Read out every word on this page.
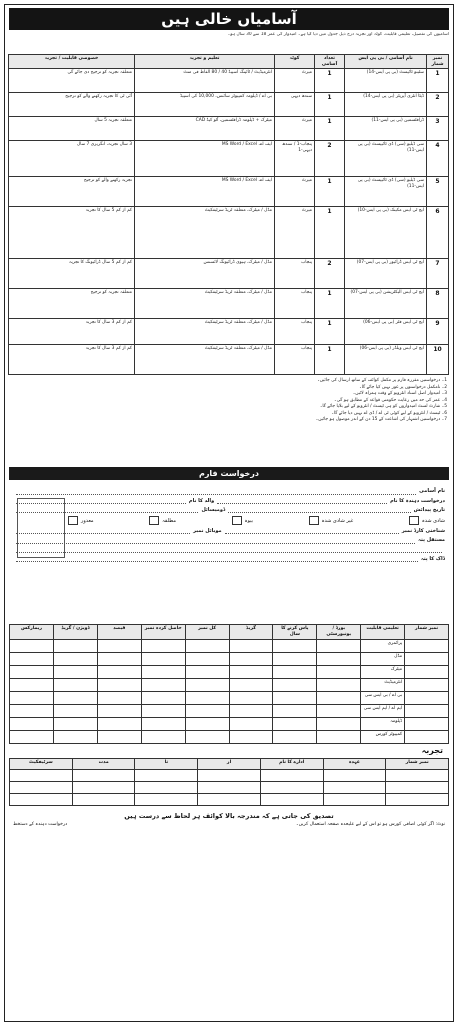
آسامیاں خالی ہیں
آسامیوں کی تفصیل، تعلیمی قابلیت، کوٹہ اور تجربہ درج ذیل جدول میں دیا گیا ہے۔ امیدوار کی عمر 18 سے 30 سال ہو۔
نمبر شمار	نام آسامی / بی پی ایس	تعداد آسامی	کوٹہ	تعلیم و تجربہ	خصوصی قابلیت / تجربہ
1	سٹینو ٹائپسٹ (بی پی ایس-14)	1	میرٹ	انٹرمیڈیٹ / ٹائپنگ اسپیڈ 40 / 80 الفاظ فی منٹ	متعلقہ تجربہ کو ترجیح دی جائے گی
2	ڈیٹا انٹری آپریٹر (بی پی ایس-14)	1	سندھ دیہی	بی اے / ڈپلومہ کمپیوٹر سائنس، 10,000 کی اسپیڈ	آئی ٹی کا تجربہ رکھنے والے کو ترجیح
3	ڈرافٹسمین (بی پی ایس-11)	1	میرٹ	میٹرک + ڈپلومہ ڈرافٹسمین، آٹو کیڈ CAD	متعلقہ تجربہ 5 سال
4	سی ڈیلیو (سی) ڈی ٹائیپسٹ (بی پی ایس-11)	2	پنجاب-1 / سندھ دیہی-1	ایف اے، MS Word / Excel	3 سال تجربہ، انگریزی 7 سال
5	سی ڈیلیو (سی) ڈی ٹائیپسٹ (بی پی ایس-11)	1	میرٹ	ایف اے، MS Word / Excel	تجربہ رکھنے والے کو ترجیح
6	ایچ ٹی ایس مکینک (بی پی ایس-10)	1	میرٹ	مڈل / میٹرک، متعلقہ ٹریڈ سرٹیفکیٹ	کم از کم 5 سال کا تجربہ
7	ایچ ٹی ایس ڈرائیور (بی پی ایس-07)	2	پنجاب	مڈل / میٹرک، ہیوی ڈرائیونگ لائسنس	کم از کم 5 سال ڈرائیونگ کا تجربہ
8	ایچ ٹی ایس الیکٹریشن (بی پی ایس-07)	1	پنجاب	مڈل / میٹرک، متعلقہ ٹریڈ سرٹیفکیٹ	متعلقہ تجربہ کو ترجیح
9	ایچ ٹی ایس فٹر (بی پی ایس-06)	1	پنجاب	مڈل / میٹرک، متعلقہ ٹریڈ سرٹیفکیٹ	کم از کم 3 سال کا تجربہ
10	ایچ ٹی ایس ویلڈر (بی پی ایس-06)	1	پنجاب	مڈل / میٹرک، متعلقہ ٹریڈ سرٹیفکیٹ	کم از کم 3 سال کا تجربہ
1۔ درخواستیں مقررہ فارم پر مکمل کوائف کے ساتھ ارسال کی جائیں۔
2۔ نامکمل درخواستوں پر غور نہیں کیا جائے گا۔
3۔ امیدوار اصل اسناد انٹرویو کے وقت ہمراہ لائیں۔
4۔ عمر کی حد میں رعایت حکومتی قواعد کے مطابق ہو گی۔
5۔ شارٹ لسٹ امیدواروں کو ہی ٹیسٹ / انٹرویو کے لیے بلایا جائے گا۔
6۔ ٹیسٹ / انٹرویو کے لیے کوئی ٹی اے / ڈی اے نہیں دیا جائے گا۔
7۔ درخواستیں اشتہار کی اشاعت کے 15 دن کے اندر موصول ہو جائیں۔
درخواست فارم
نام آسامی
درخواست دہندہ کا نام
والد کا نام
تاریخ پیدائش
ڈومیسائل
شادی شدہ
غیر شادی شدہ
بیوہ
مطلقہ
معذور
شناختی کارڈ نمبر
موبائل نمبر
مستقل پتہ
ڈاک کا پتہ
نمبر شمار	تعلیمی قابلیت	بورڈ / یونیورسٹی	پاس کرنے کا سال	گریڈ	کل نمبر	حاصل کردہ نمبر	فیصد	ڈویژن / گریڈ	ریمارکس
	پرائمری								
	مڈل								
	میٹرک								
	انٹرمیڈیٹ								
	بی اے / بی ایس سی								
	ایم اے / ایم ایس سی								
	ڈپلومہ								
	کمپیوٹر کورس								
تجربہ
نمبر شمار	عہدہ	ادارے کا نام	از	تا	مدت	سرٹیفکیٹ

تصدیق کی جاتی ہے کہ مندرجہ بالا کوائف ہر لحاظ سے درست ہیں
نوٹ: اگر کوئی اضافی کورس ہو تو اس کے لیے علیحدہ صفحہ استعمال کریں۔
درخواست دہندہ کے دستخط
